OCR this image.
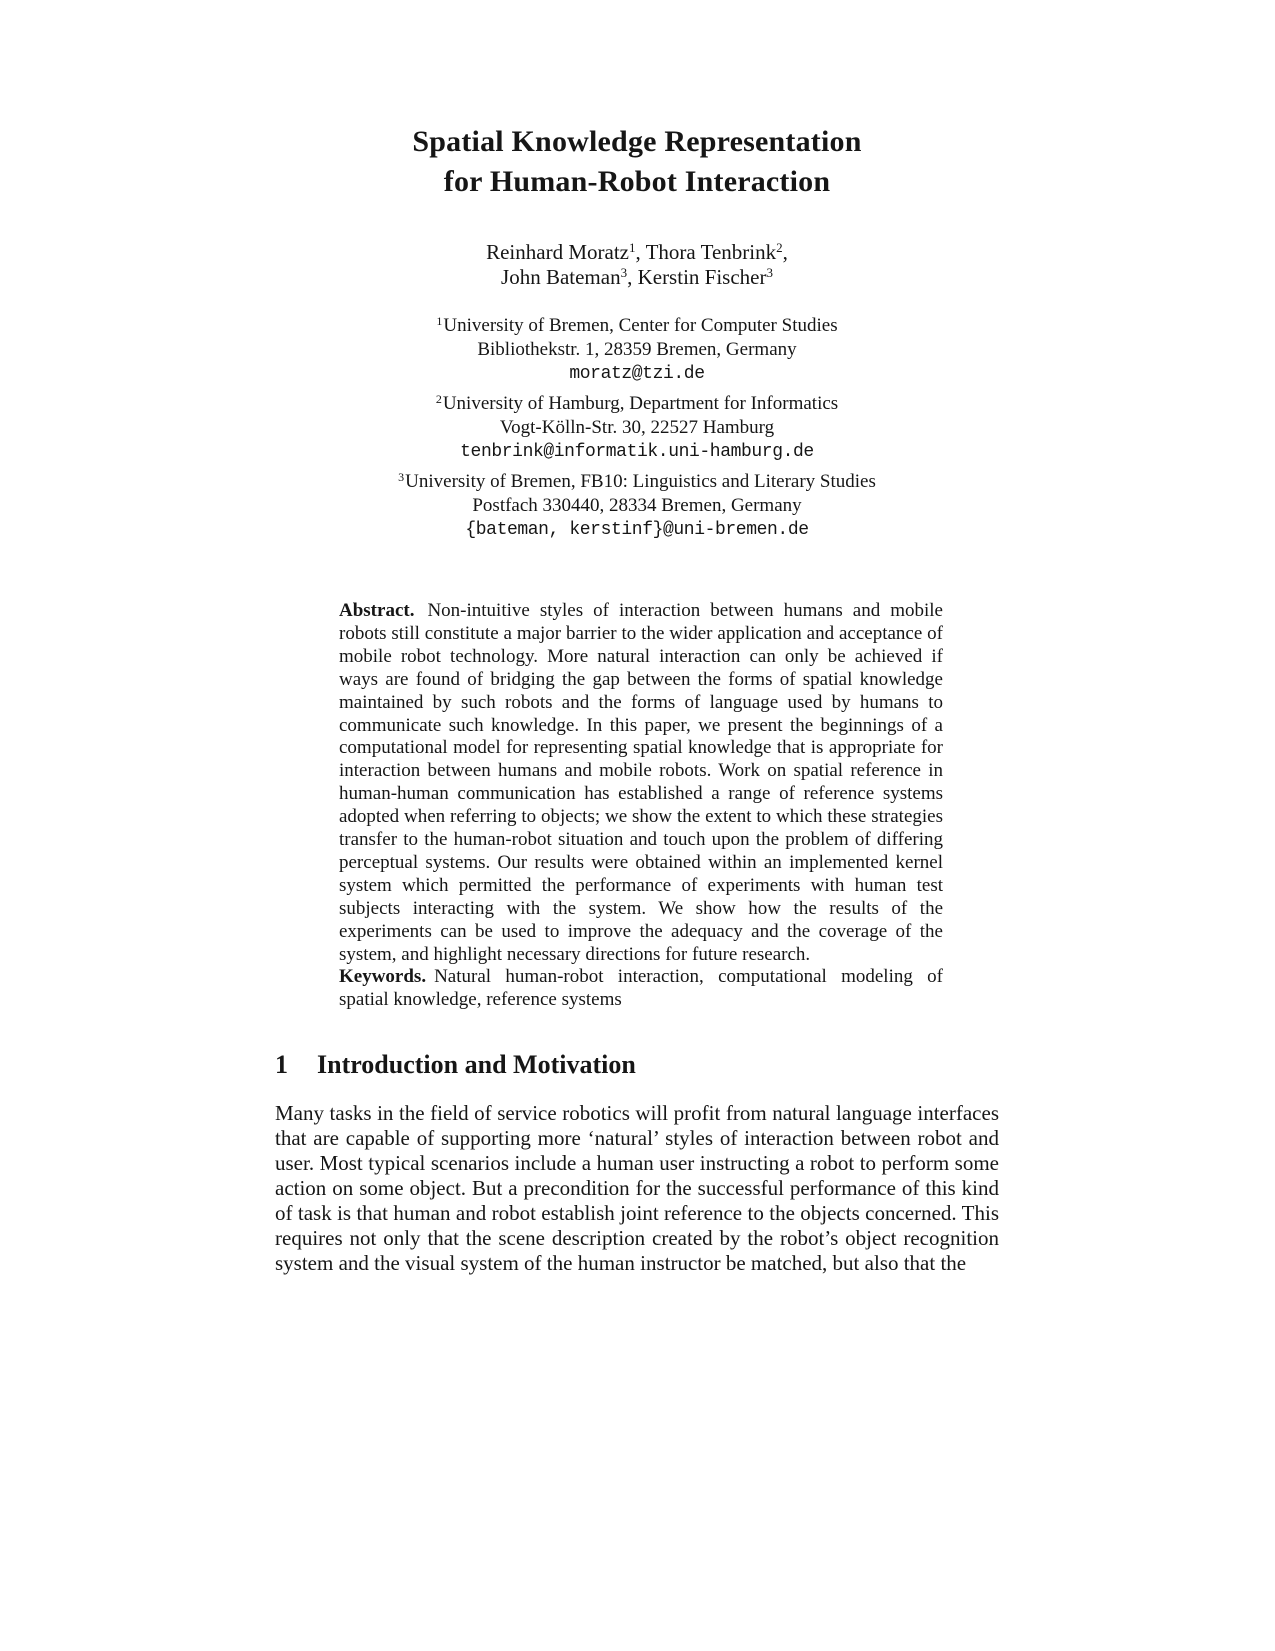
Spatial Knowledge Representation
for Human-Robot Interaction
Reinhard Moratz$^1$, Thora Tenbrink$^2$,
John Bateman$^3$, Kerstin Fischer$^3$
$^1$University of Bremen, Center for Computer Studies
Bibliothekstr. 1, 28359 Bremen, Germany
moratz@tzi.de
$^2$University of Hamburg, Department for Informatics
Vogt-Kölln-Str. 30, 22527 Hamburg
tenbrink@informatik.uni-hamburg.de
$^3$University of Bremen, FB10: Linguistics and Literary Studies
Postfach 330440, 28334 Bremen, Germany
{bateman, kerstinf}@uni-bremen.de

Abstract. Non-intuitive styles of interaction between humans and mobile robots still constitute a major barrier to the wider application and acceptance of mobile robot technology. More natural interaction can only be achieved if ways are found of bridging the gap between the forms of spatial knowledge maintained by such robots and the forms of language used by humans to communicate such knowledge. In this paper, we present the beginnings of a computational model for representing spatial knowledge that is appropriate for interaction between humans and mobile robots. Work on spatial reference in human-human communication has established a range of reference systems adopted when referring to objects; we show the extent to which these strategies transfer to the human-robot situation and touch upon the problem of differing perceptual systems. Our results were obtained within an implemented kernel system which permitted the performance of experiments with human test subjects interacting with the system. We show how the results of the experiments can be used to improve the adequacy and the coverage of the system, and highlight necessary directions for future research.

Keywords. Natural human-robot interaction, computational modeling of spatial knowledge, reference systems

1 Introduction and Motivation

Many tasks in the field of service robotics will profit from natural language interfaces that are capable of supporting more ‘natural’ styles of interaction between robot and user. Most typical scenarios include a human user instructing a robot to perform some action on some object. But a precondition for the successful performance of this kind of task is that human and robot establish joint reference to the objects concerned. This requires not only that the scene description created by the robot’s object recognition system and the visual system of the human instructor be matched, but also that the
